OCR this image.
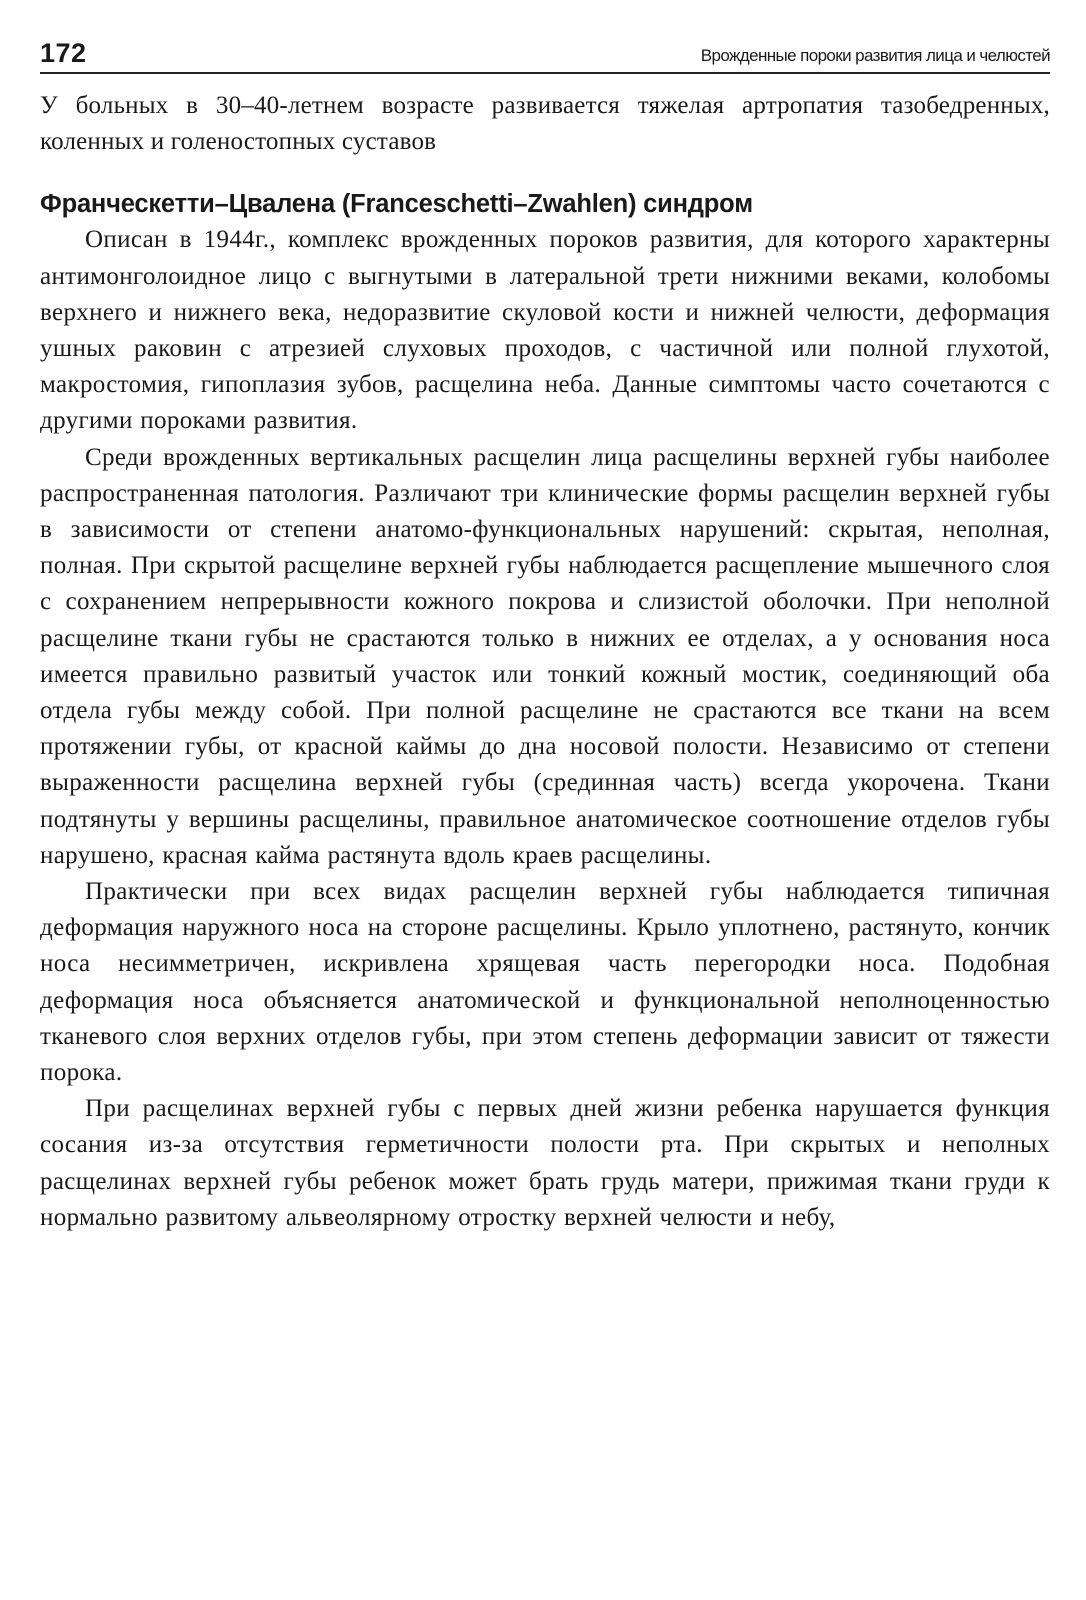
172	Врожденные пороки развития лица и челюстей

У больных в 30–40-летнем возрасте развивается тяжелая артропатия тазобедренных, коленных и голеностопных суставов

Франческетти–Цвалена (Franceschetti–Zwahlen) синдром

Описан в 1944г., комплекс врожденных пороков развития, для которого характерны антимонголоидное лицо с выгнутыми в латеральной трети нижними веками, колобомы верхнего и нижнего века, недоразвитие скуловой кости и нижней челюсти, деформация ушных раковин с атрезией слуховых проходов, с частичной или полной глухотой, макростомия, гипоплазия зубов, расщелина неба. Данные симптомы часто сочетаются с другими пороками развития.

Среди врожденных вертикальных расщелин лица расщелины верхней губы наиболее распространенная патология. Различают три клинические формы расщелин верхней губы в зависимости от степени анатомо-функциональных нарушений: скрытая, неполная, полная. При скрытой расщелине верхней губы наблюдается расщепление мышечного слоя с сохранением непрерывности кожного покрова и слизистой оболочки. При неполной расщелине ткани губы не срастаются только в нижних ее отделах, а у основания носа имеется правильно развитый участок или тонкий кожный мостик, соединяющий оба отдела губы между собой. При полной расщелине не срастаются все ткани на всем протяжении губы, от красной каймы до дна носовой полости. Независимо от степени выраженности расщелина верхней губы (срединная часть) всегда укорочена. Ткани подтянуты у вершины расщелины, правильное анатомическое соотношение отделов губы нарушено, красная кайма растянута вдоль краев расщелины.

Практически при всех видах расщелин верхней губы наблюдается типичная деформация наружного носа на стороне расщелины. Крыло уплотнено, растянуто, кончик носа несимметричен, искривлена хрящевая часть перегородки носа. Подобная деформация носа объясняется анатомической и функциональной неполноценностью тканевого слоя верхних отделов губы, при этом степень деформации зависит от тяжести порока.

При расщелинах верхней губы с первых дней жизни ребенка нарушается функция сосания из-за отсутствия герметичности полости рта. При скрытых и неполных расщелинах верхней губы ребенок может брать грудь матери, прижимая ткани груди к нормально развитому альвеолярному отростку верхней челюсти и небу,
